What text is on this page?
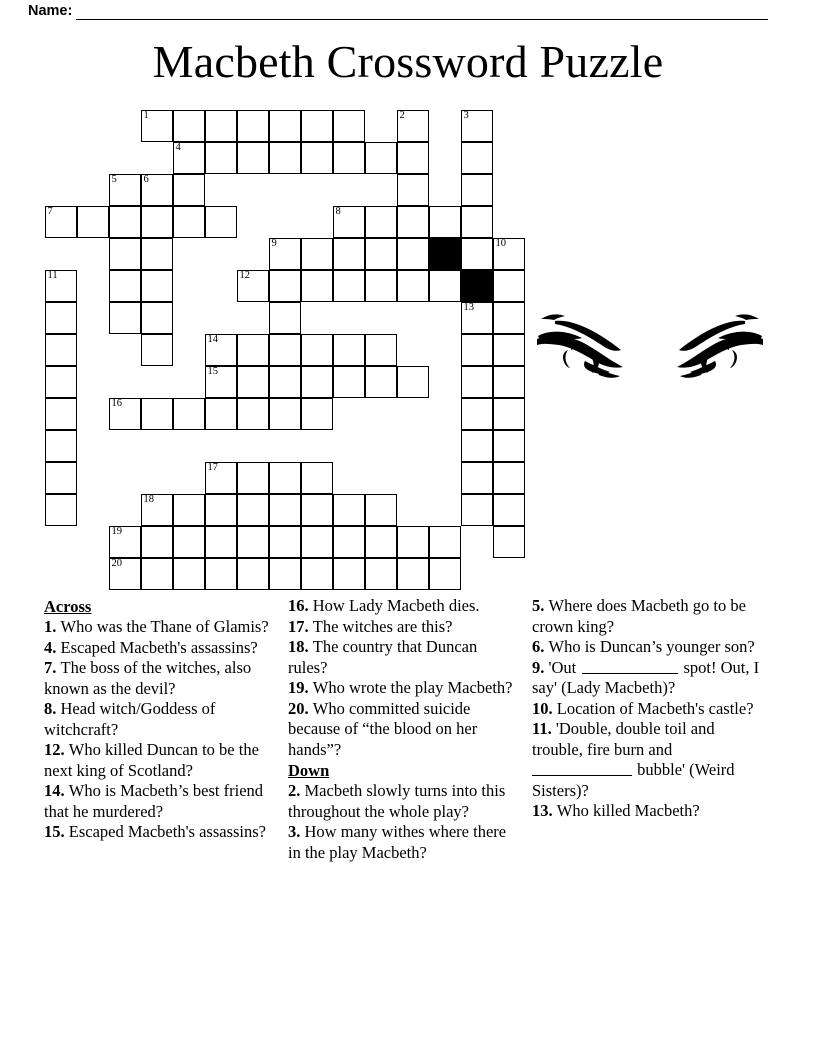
Name:
Macbeth Crossword Puzzle
1	2	3
4
5	6
7	8
9	10
11	12
13
14
15
16
17
18
19
20
Across

1. Who was the Thane of Glamis?

4. Escaped Macbeth's assassins?

7. The boss of the witches, also known as the devil?

8. Head witch/Goddess of witchcraft?

12. Who killed Duncan to be the next king of Scotland?

14. Who is Macbeth’s best friend that he murdered?

15. Escaped Macbeth's assassins?

16. How Lady Macbeth dies.

17. The witches are this?

18. The country that Duncan rules?

19. Who wrote the play Macbeth?

20. Who committed suicide because of “the blood on her hands”?

Down

2. Macbeth slowly turns into this throughout the whole play?

3. How many withes where there in the play Macbeth?

5. Where does Macbeth go to be crown king?

6. Who is Duncan’s younger son?

9. 'Out	spot! Out, I say' (Lady Macbeth)?

10. Location of Macbeth's castle?

11. 'Double, double toil and trouble, fire burn and  bubble' (Weird Sisters)?

13. Who killed Macbeth?
